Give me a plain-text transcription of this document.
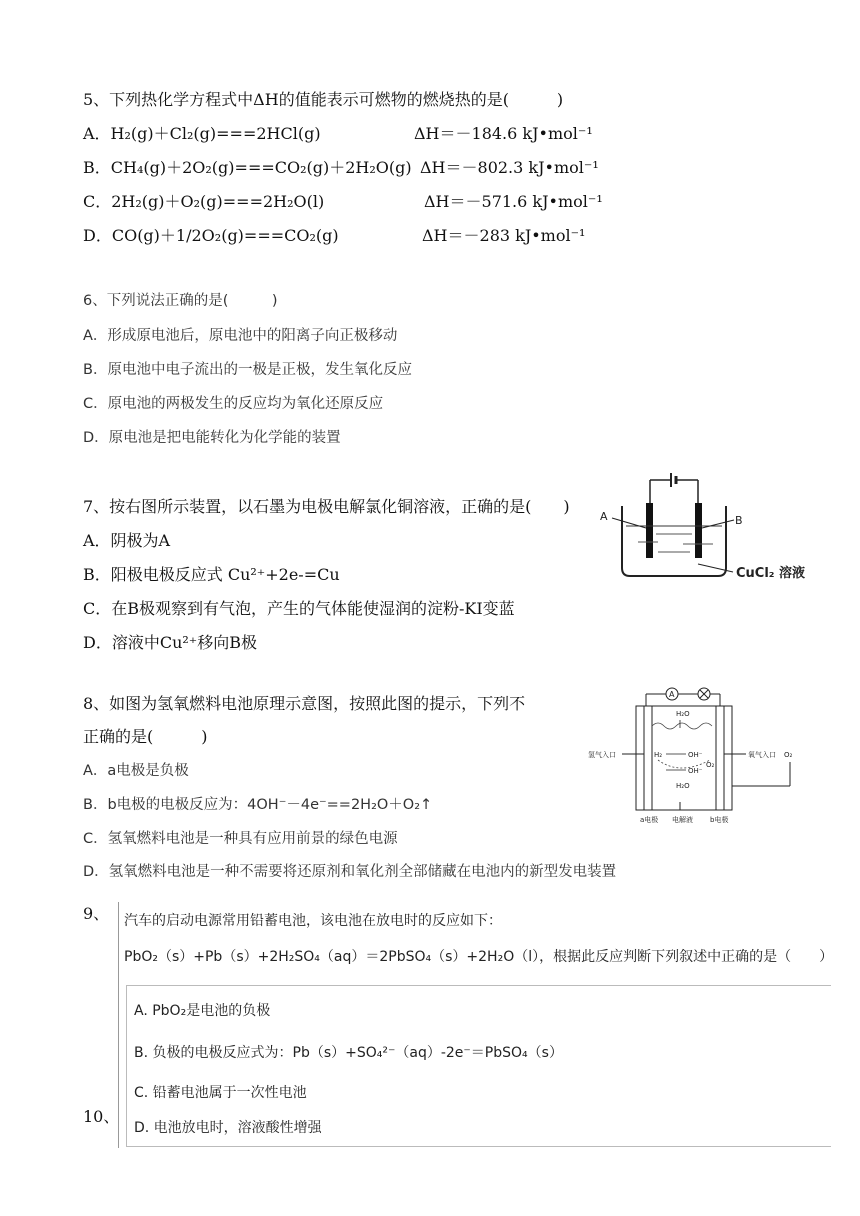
5、下列热化学方程式中ΔH的值能表示可燃物的燃烧热的是(　　　)
A．H₂(g)＋Cl₂(g)===2HCl(g)	ΔH＝－184.6 kJ•mol⁻¹
B．CH₄(g)＋2O₂(g)===CO₂(g)＋2H₂O(g) ΔH＝－802.3 kJ•mol⁻¹
C．2H₂(g)＋O₂(g)===2H₂O(l)	ΔH＝－571.6 kJ•mol⁻¹
D．CO(g)＋1/2O₂(g)===CO₂(g)	ΔH＝－283 kJ•mol⁻¹
6、下列说法正确的是(　　　)
A．形成原电池后，原电池中的阳离子向正极移动
B．原电池中电子流出的一极是正极，发生氧化反应
C．原电池的两极发生的反应均为氧化还原反应
D．原电池是把电能转化为化学能的装置
7、按右图所示装置，以石墨为电极电解氯化铜溶液，正确的是(　　)
A．阴极为A
B．阳极电极反应式 Cu²⁺+2e-=Cu
C．在B极观察到有气泡，产生的气体能使湿润的淀粉-KI变蓝
D．溶液中Cu²⁺移向B极
A	B
CuCl₂ 溶液
8、如图为氢氧燃料电池原理示意图，按照此图的提示，下列不
正确的是(　　　)
A．a电极是负极
B．b电极的电极反应为：4OH⁻－4e⁻==2H₂O＋O₂↑
C．氢氧燃料电池是一种具有应用前景的绿色电源
D．氢氧燃料电池是一种不需要将还原剂和氧化剂全部储藏在电池内的新型发电装置
A
H₂O
氢气入口	H₂	OH⁻	氧气入口
O₂
OH⁻
H₂O
a电极 电解液 b电极
O₂
9、 汽车的启动电源常用铅蓄电池，该电池在放电时的反应如下：
PbO₂（s）+Pb（s）+2H₂SO₄（aq）＝2PbSO₄（s）+2H₂O（l），根据此反应判断下列叙述中正确的是（　　）
A. PbO₂是电池的负极
B. 负极的电极反应式为：Pb（s）+SO₄²⁻（aq）-2e⁻＝PbSO₄（s）
C. 铅蓄电池属于一次性电池
D. 电池放电时，溶液酸性增强
10、
